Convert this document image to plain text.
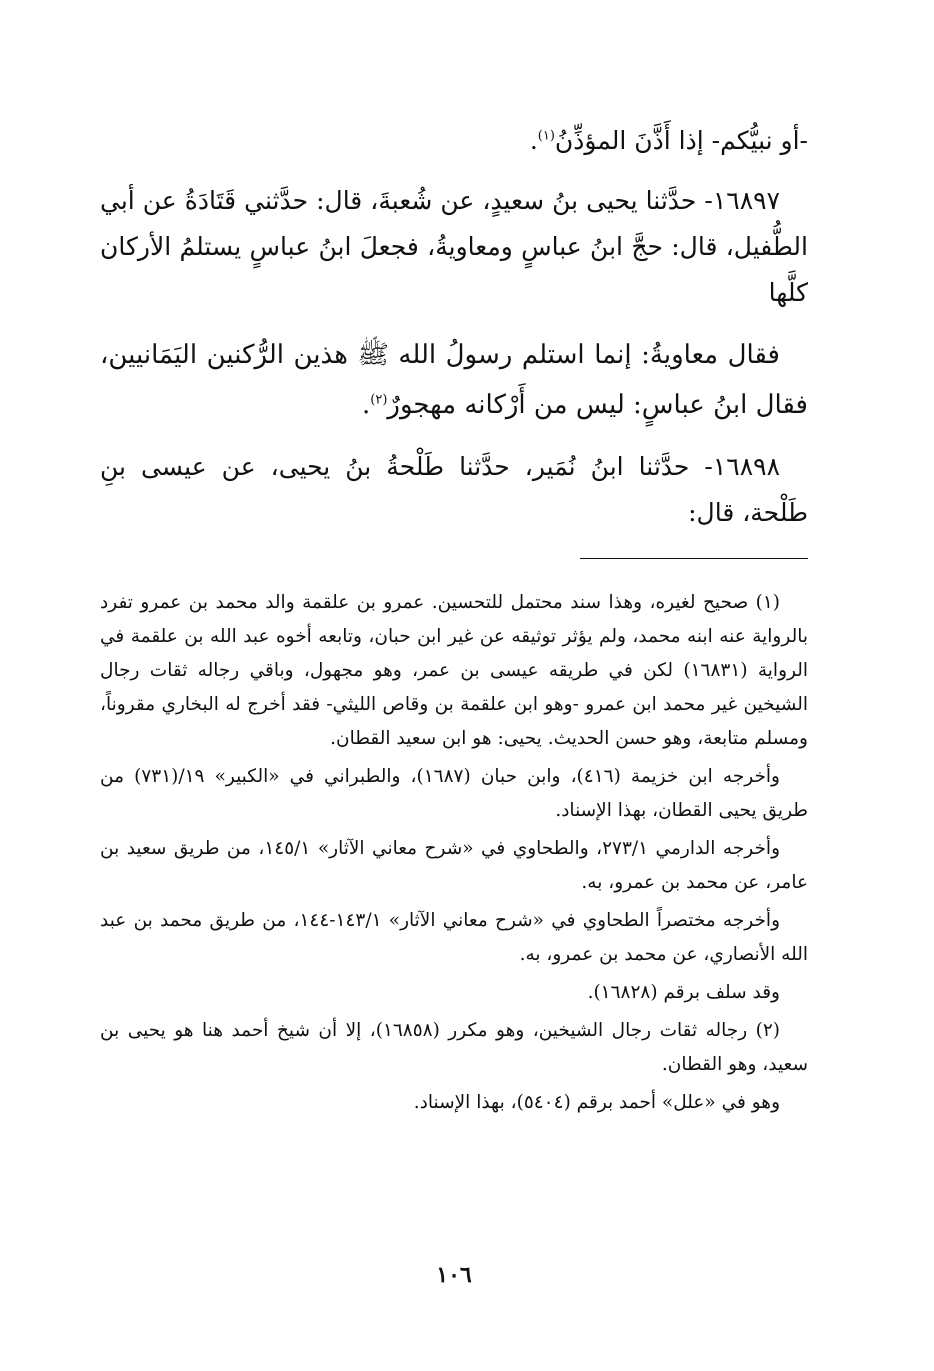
-أو نبيُّكم- إذا أَذَّنَ المؤذِّنُ$^{(١)}$.

١٦٨٩٧- حدَّثنا يحيى بنُ سعيدٍ، عن شُعبةَ، قال: حدَّثني قَتَادَةُ عن أبي الطُّفيل، قال: حجَّ ابنُ عباسٍ ومعاويةُ، فجعلَ ابنُ عباسٍ يستلمُ الأركان كلَّها

فقال معاويةُ: إنما استلم رسولُ الله ﷺ هذين الرُّكنين اليَمَانيين، فقال ابنُ عباسٍ: ليس من أَرْكانه مهجورٌ$^{(٢)}$.

١٦٨٩٨- حدَّثنا ابنُ نُمَير، حدَّثنا طَلْحةُ بنُ يحيى، عن عيسى بنِ طَلْحة، قال:

(١) صحيح لغيره، وهذا سند محتمل للتحسين. عمرو بن علقمة والد محمد بن عمرو تفرد بالرواية عنه ابنه محمد، ولم يؤثر توثيقه عن غير ابن حبان، وتابعه أخوه عبد الله بن علقمة في الرواية (١٦٨٣١) لكن في طريقه عيسى بن عمر، وهو مجهول، وباقي رجاله ثقات رجال الشيخين غير محمد ابن عمرو -وهو ابن علقمة بن وقاص الليثي- فقد أخرج له البخاري مقروناً، ومسلم متابعة، وهو حسن الحديث. يحيى: هو ابن سعيد القطان.

وأخرجه ابن خزيمة (٤١٦)، وابن حبان (١٦٨٧)، والطبراني في «الكبير» ١٩/(٧٣١) من طريق يحيى القطان، بهذا الإسناد.

وأخرجه الدارمي ٢٧٣/١، والطحاوي في «شرح معاني الآثار» ١٤٥/١، من طريق سعيد بن عامر، عن محمد بن عمرو، به.

وأخرجه مختصراً الطحاوي في «شرح معاني الآثار» ١٤٣/١-١٤٤، من طريق محمد بن عبد الله الأنصاري، عن محمد بن عمرو، به.

وقد سلف برقم (١٦٨٢٨).

(٢) رجاله ثقات رجال الشيخين، وهو مكرر (١٦٨٥٨)، إلا أن شيخ أحمد هنا هو يحيى بن سعيد، وهو القطان.

وهو في «علل» أحمد برقم (٥٤٠٤)، بهذا الإسناد.

١٠٦
